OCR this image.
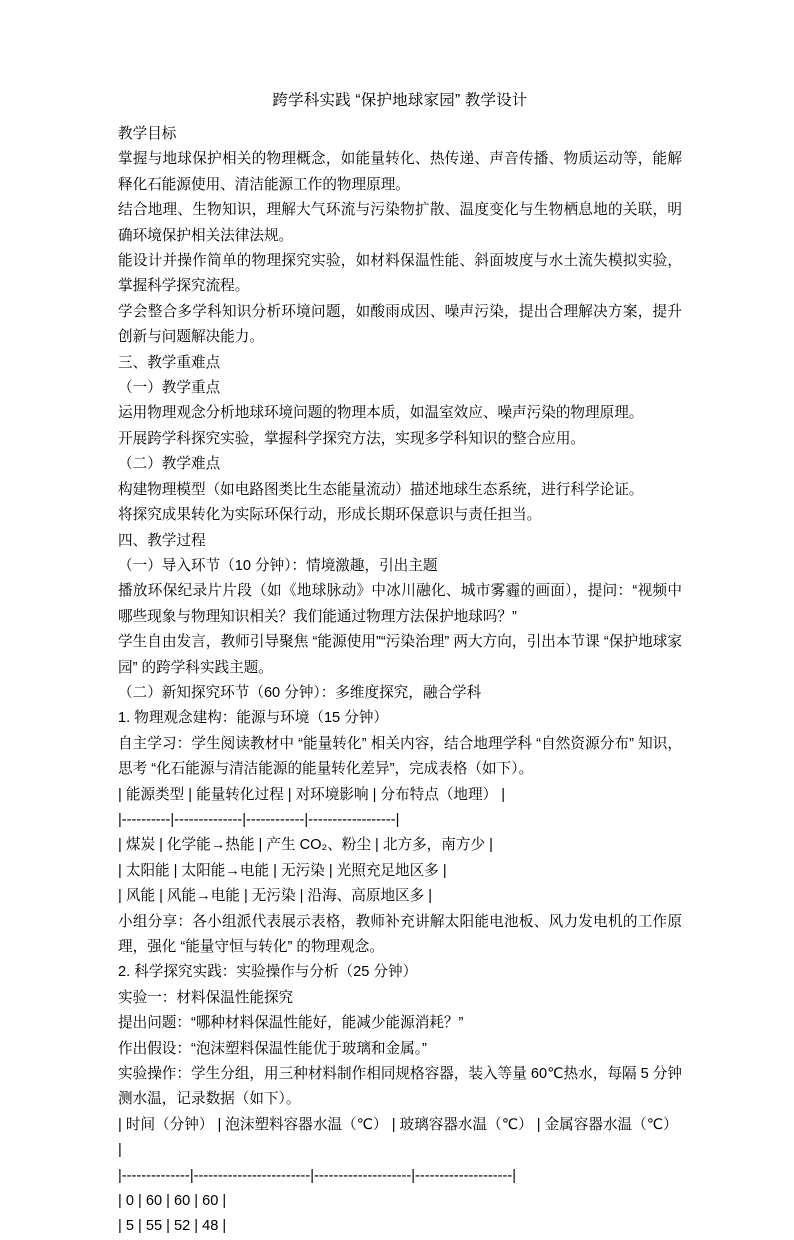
跨学科实践 “保护地球家园” 教学设计

教学目标

掌握与地球保护相关的物理概念，如能量转化、热传递、声音传播、物质运动等，能解释化石能源使用、清洁能源工作的物理原理。

结合地理、生物知识，理解大气环流与污染物扩散、温度变化与生物栖息地的关联，明确环境保护相关法律法规。

能设计并操作简单的物理探究实验，如材料保温性能、斜面坡度与水土流失模拟实验，掌握科学探究流程。

学会整合多学科知识分析环境问题，如酸雨成因、噪声污染，提出合理解决方案，提升创新与问题解决能力。

三、教学重难点

（一）教学重点

运用物理观念分析地球环境问题的物理本质，如温室效应、噪声污染的物理原理。

开展跨学科探究实验，掌握科学探究方法，实现多学科知识的整合应用。

（二）教学难点

构建物理模型（如电路图类比生态能量流动）描述地球生态系统，进行科学论证。

将探究成果转化为实际环保行动，形成长期环保意识与责任担当。

四、教学过程

（一）导入环节（10 分钟）：情境激趣，引出主题

播放环保纪录片片段（如《地球脉动》中冰川融化、城市雾霾的画面），提问：“视频中哪些现象与物理知识相关？我们能通过物理方法保护地球吗？”

学生自由发言，教师引导聚焦 “能源使用”“污染治理” 两大方向，引出本节课 “保护地球家园” 的跨学科实践主题。

（二）新知探究环节（60 分钟）：多维度探究，融合学科

1. 物理观念建构：能源与环境（15 分钟）

自主学习：学生阅读教材中 “能量转化” 相关内容，结合地理学科 “自然资源分布” 知识，思考 “化石能源与清洁能源的能量转化差异”，完成表格（如下）。

| 能源类型 | 能量转化过程 | 对环境影响 | 分布特点（地理） |

|----------|--------------|------------|------------------|

| 煤炭 | 化学能→热能 | 产生 CO₂、粉尘 | 北方多，南方少 |

| 太阳能 | 太阳能→电能 | 无污染 | 光照充足地区多 |

| 风能 | 风能→电能 | 无污染 | 沿海、高原地区多 |

小组分享：各小组派代表展示表格，教师补充讲解太阳能电池板、风力发电机的工作原理，强化 “能量守恒与转化” 的物理观念。

2. 科学探究实践：实验操作与分析（25 分钟）

实验一：材料保温性能探究

提出问题：“哪种材料保温性能好，能减少能源消耗？”

作出假设：“泡沫塑料保温性能优于玻璃和金属。”

实验操作：学生分组，用三种材料制作相同规格容器，装入等量 60℃热水，每隔 5 分钟测水温，记录数据（如下）。

| 时间（分钟） | 泡沫塑料容器水温（℃） | 玻璃容器水温（℃） | 金属容器水温（℃） |

|--------------|------------------------|--------------------|--------------------|

| 0 | 60 | 60 | 60 |

| 5 | 55 | 52 | 48 |
